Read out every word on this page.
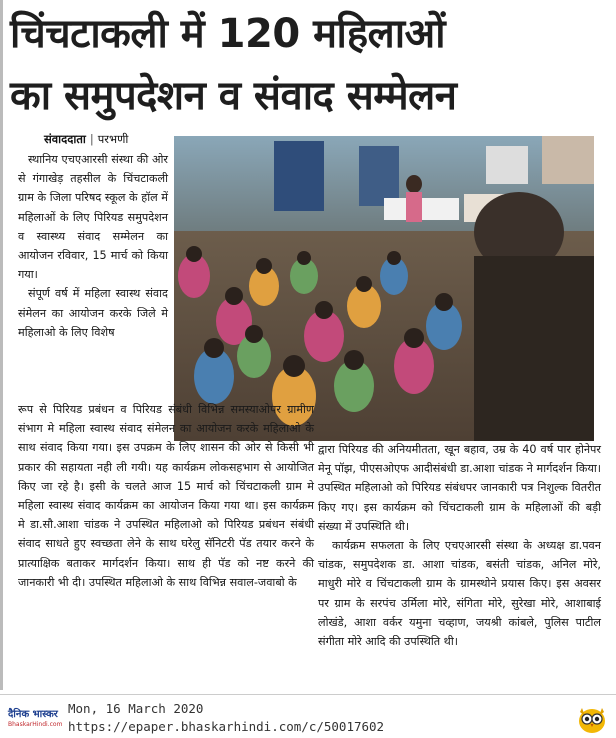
चिंचटाकली में 120 महिलाओं
का समुपदेशन व संवाद सम्मेलन
संवाददाता | परभणी

स्थानिय एचएआरसी संस्था की ओर से गंगाखेड़ तहसील के चिंचटाकली ग्राम के जिला परिषद स्कूल के हॉल में महिलाओं के लिए पिरियड समुपदेशन व स्वास्थ्य संवाद सम्मेलन का आयोजन रविवार, 15 मार्च को किया गया।

संपूर्ण वर्ष में महिला स्वास्थ संवाद संमेलन का आयोजन करके जिले मे महिलाओ के लिए विशेष

रूप से पिरियड प्रबंधन व पिरियड संबंधी विभिन्न समस्याओपर ग्रामीण संभाग मे महिला स्वास्थ संवाद संमेलन का आयोजन करके महिलाओ के साथ संवाद किया गया। इस उपक्रम के लिए शासन की ओर से किसी भी प्रकार की सहायता नही ली गयी। यह कार्यक्रम लोकसहभाग से आयोजित किए जा रहे है। इसी के चलते आज 15 मार्च को चिंचटाकली ग्राम मे महिला स्वास्थ संवाद कार्यक्रम का आयोजन किया गया था। इस कार्यक्रम मे डा.सौ.आशा चांडक ने उपस्थित महिलाओ को पिरियड प्रबंधन संबंधी संवाद साधते हुए स्वच्छता लेने के साथ घरेलु सॅनिटरी पॅड तयार करने के प्रात्याक्षिक बताकर मार्गदर्शन किया। साथ ही पॅड को नष्ट करने की जानकारी भी दी। उपस्थित महिलाओ के साथ विभिन्न सवाल-जवाबो के

द्वारा पिरियड की अनियमीतता, खून बहाव, उम्र के 40 वर्ष पार होनेपर मेनू पॉझ, पीएसओएफ आदीसंबंधी डा.आशा चांडक ने मार्गदर्शन किया। उपस्थित महिलाओ को पिरियड संबंधपर जानकारी पत्र निशुल्क वितरीत किए गए। इस कार्यक्रम को चिंचटाकली ग्राम के महिलाओं की बड़ी संख्या में उपस्थिति थी।

कार्यक्रम सफलता के लिए एचएआरसी संस्था के अध्यक्ष डा.पवन चांडक, समुपदेशक डा. आशा चांडक, बसंती चांडक, अनिल मोरे, माधुरी मोरे व चिंचटाकली ग्राम के ग्रामस्थोने प्रयास किए। इस अवसर पर ग्राम के सरपंच उर्मिला मोरे, संगिता मोरे, सुरेखा मोरे, आशाबाई लोखंडे, आशा वर्कर यमुना चव्हाण, जयश्री कांबले, पुलिस पाटील संगीता मोरे आदि की उपस्थिति थी।

दैनिक भास्कर
BhaskarHindi.com
Mon, 16 March 2020
https://epaper.bhaskarhindi.com/c/50017602
